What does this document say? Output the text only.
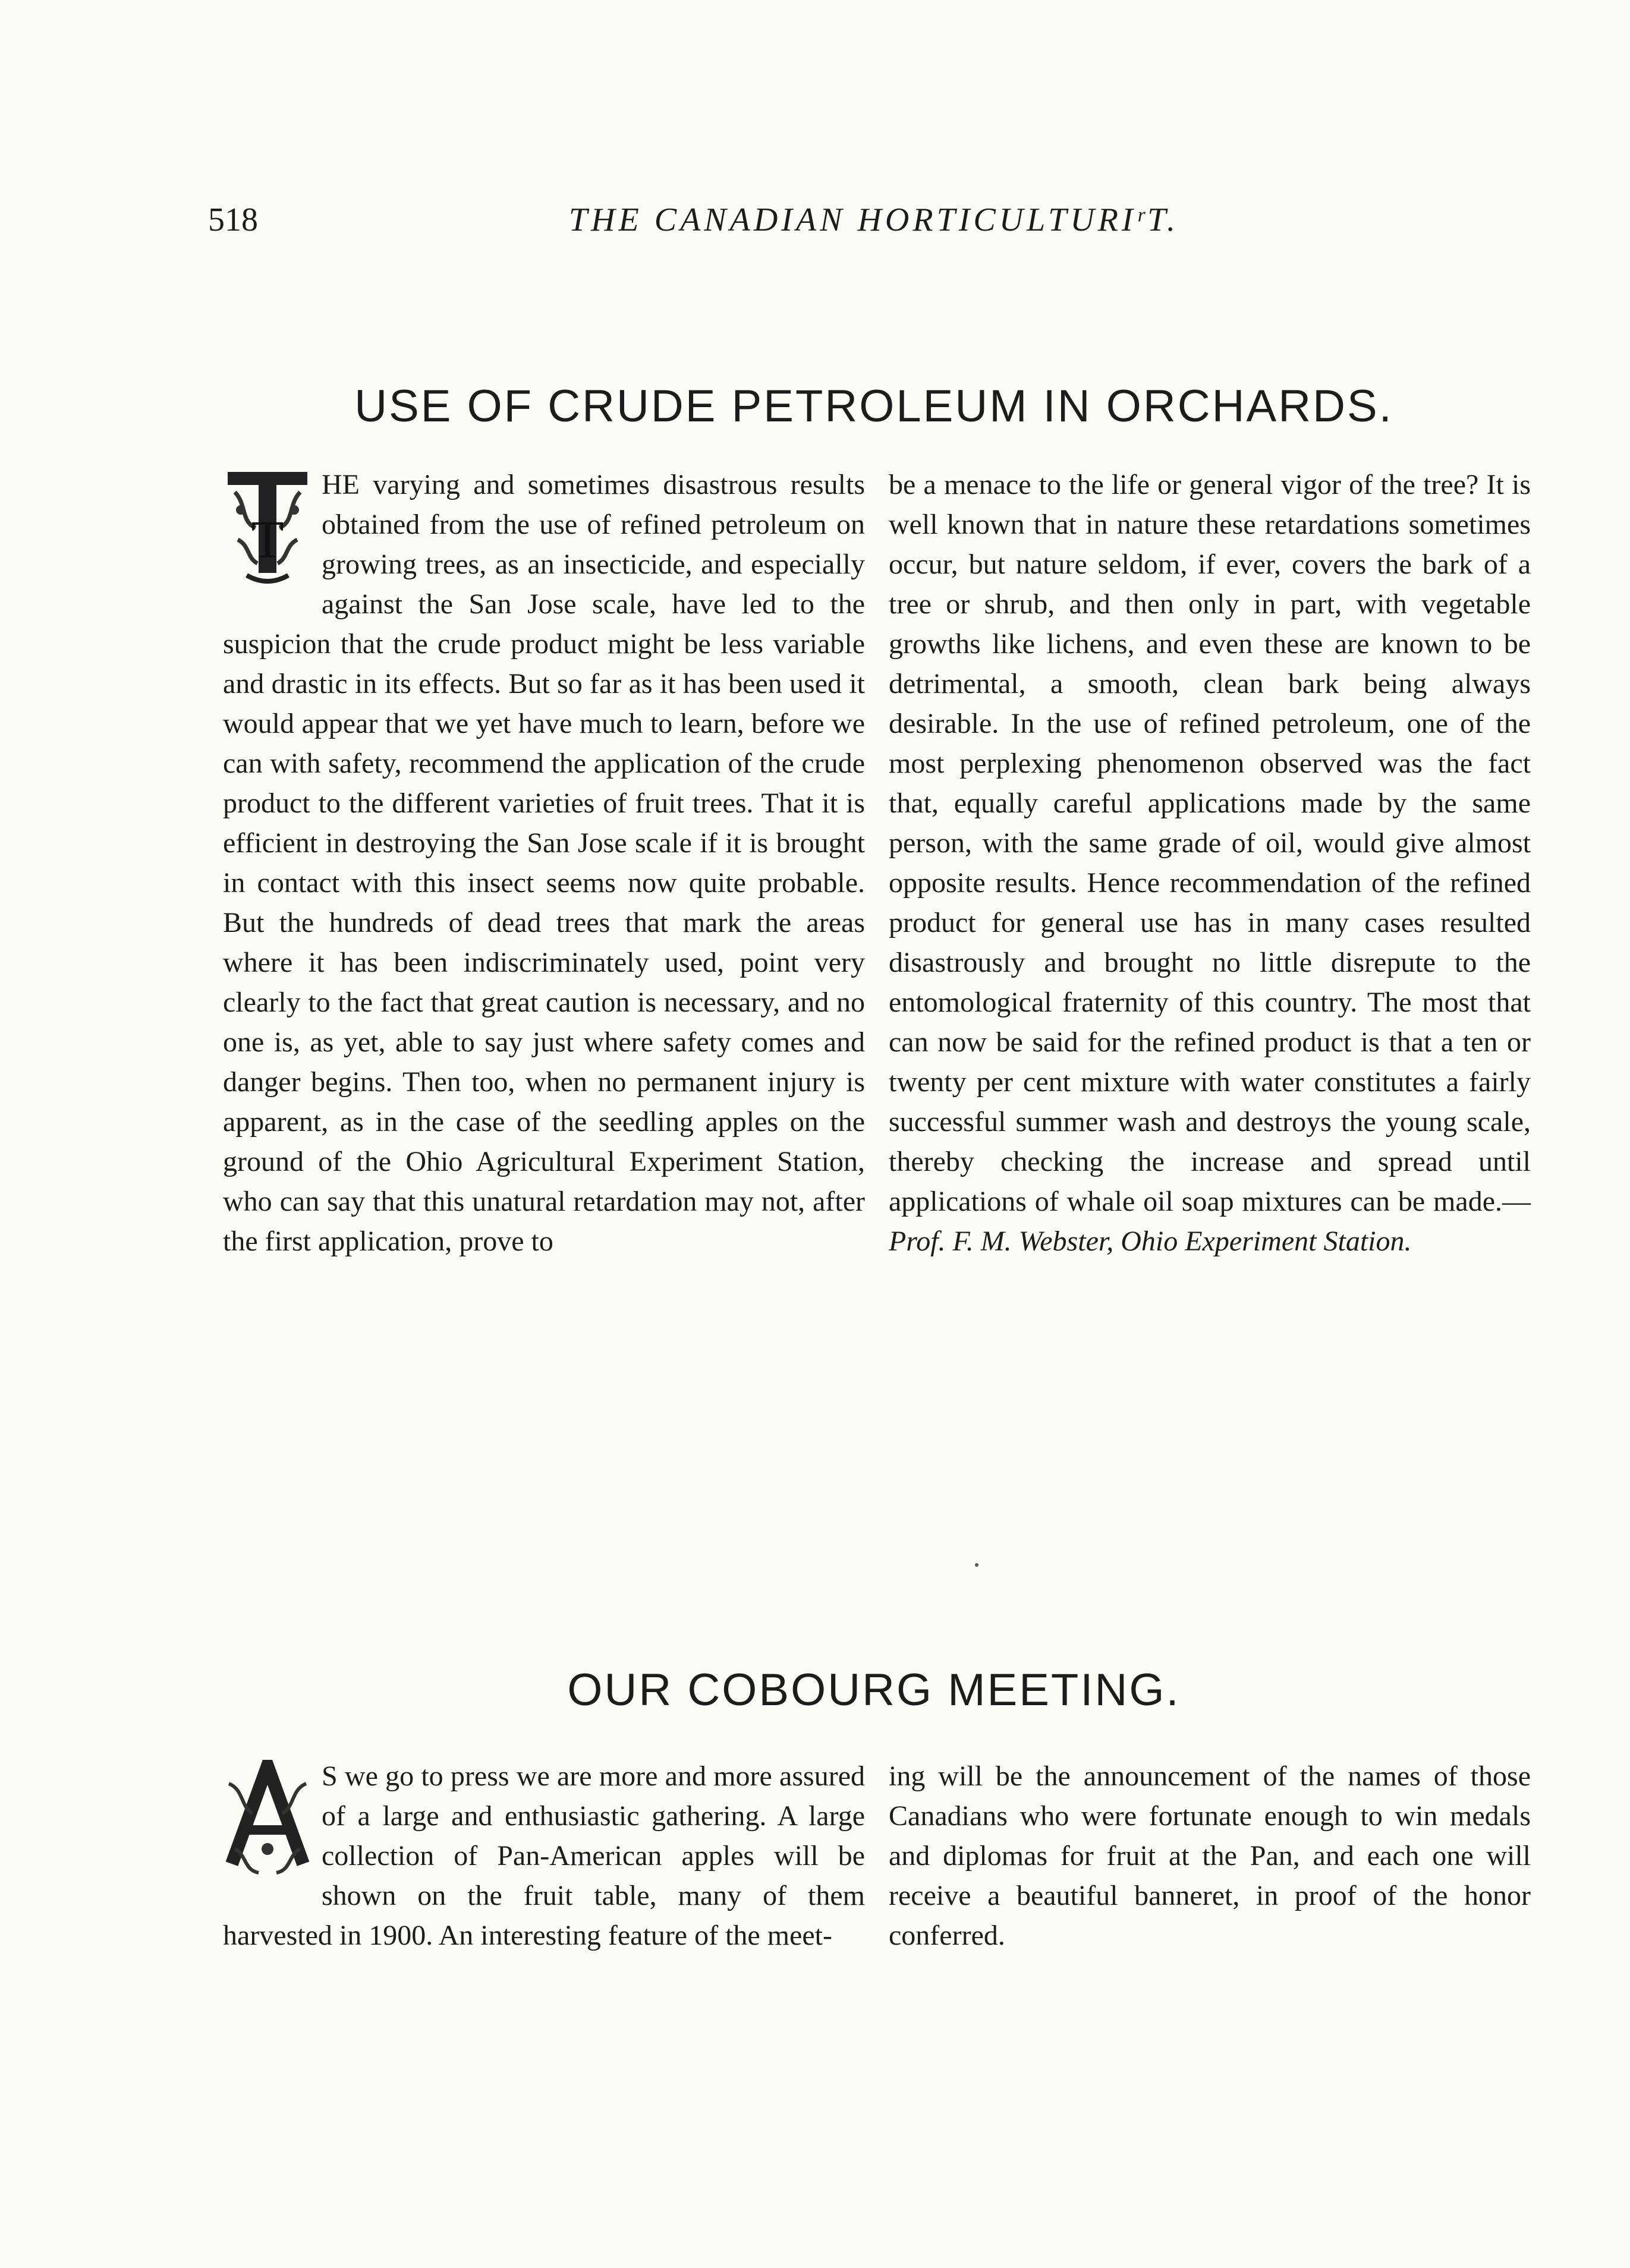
518	THE CANADIAN HORTICULTURIʳT.
USE OF CRUDE PETROLEUM IN ORCHARDS.
T
HE varying and sometimes disastrous results obtained from the use of refined petroleum on growing trees, as an insecticide, and especially against the San Jose scale, have led to the suspicion that the crude product might be less variable and drastic in its effects. But so far as it has been used it would appear that we yet have much to learn, before we can with safety, recommend the application of the crude product to the different varieties of fruit trees. That it is efficient in destroying the San Jose scale if it is brought in contact with this insect seems now quite probable. But the hundreds of dead trees that mark the areas where it has been indiscriminately used, point very clearly to the fact that great caution is necessary, and no one is, as yet, able to say just where safety comes and danger begins. Then too, when no permanent injury is apparent, as in the case of the seedling apples on the ground of the Ohio Agricultural Experiment Station, who can say that this unatural retardation may not, after the first application, prove to
be a menace to the life or general vigor of the tree? It is well known that in nature these retardations sometimes occur, but nature seldom, if ever, covers the bark of a tree or shrub, and then only in part, with vegetable growths like lichens, and even these are known to be detrimental, a smooth, clean bark being always desirable. In the use of refined petroleum, one of the most perplexing phenomenon observed was the fact that, equally careful applications made by the same person, with the same grade of oil, would give almost opposite results. Hence recommendation of the refined product for general use has in many cases resulted disastrously and brought no little disrepute to the entomological fraternity of this country. The most that can now be said for the refined product is that a ten or twenty per cent mixture with water constitutes a fairly successful summer wash and destroys the young scale, thereby checking the increase and spread until applications of whale oil soap mixtures can be made.— Prof. F. M. Webster, Ohio Experiment Station.
OUR COBOURG MEETING.
A
S we go to press we are more and more assured of a large and enthusiastic gathering. A large collection of Pan-American apples will be shown on the fruit table, many of them harvested in 1900. An interesting feature of the meet-
ing will be the announcement of the names of those Canadians who were fortunate enough to win medals and diplomas for fruit at the Pan, and each one will receive a beautiful banneret, in proof of the honor conferred.
